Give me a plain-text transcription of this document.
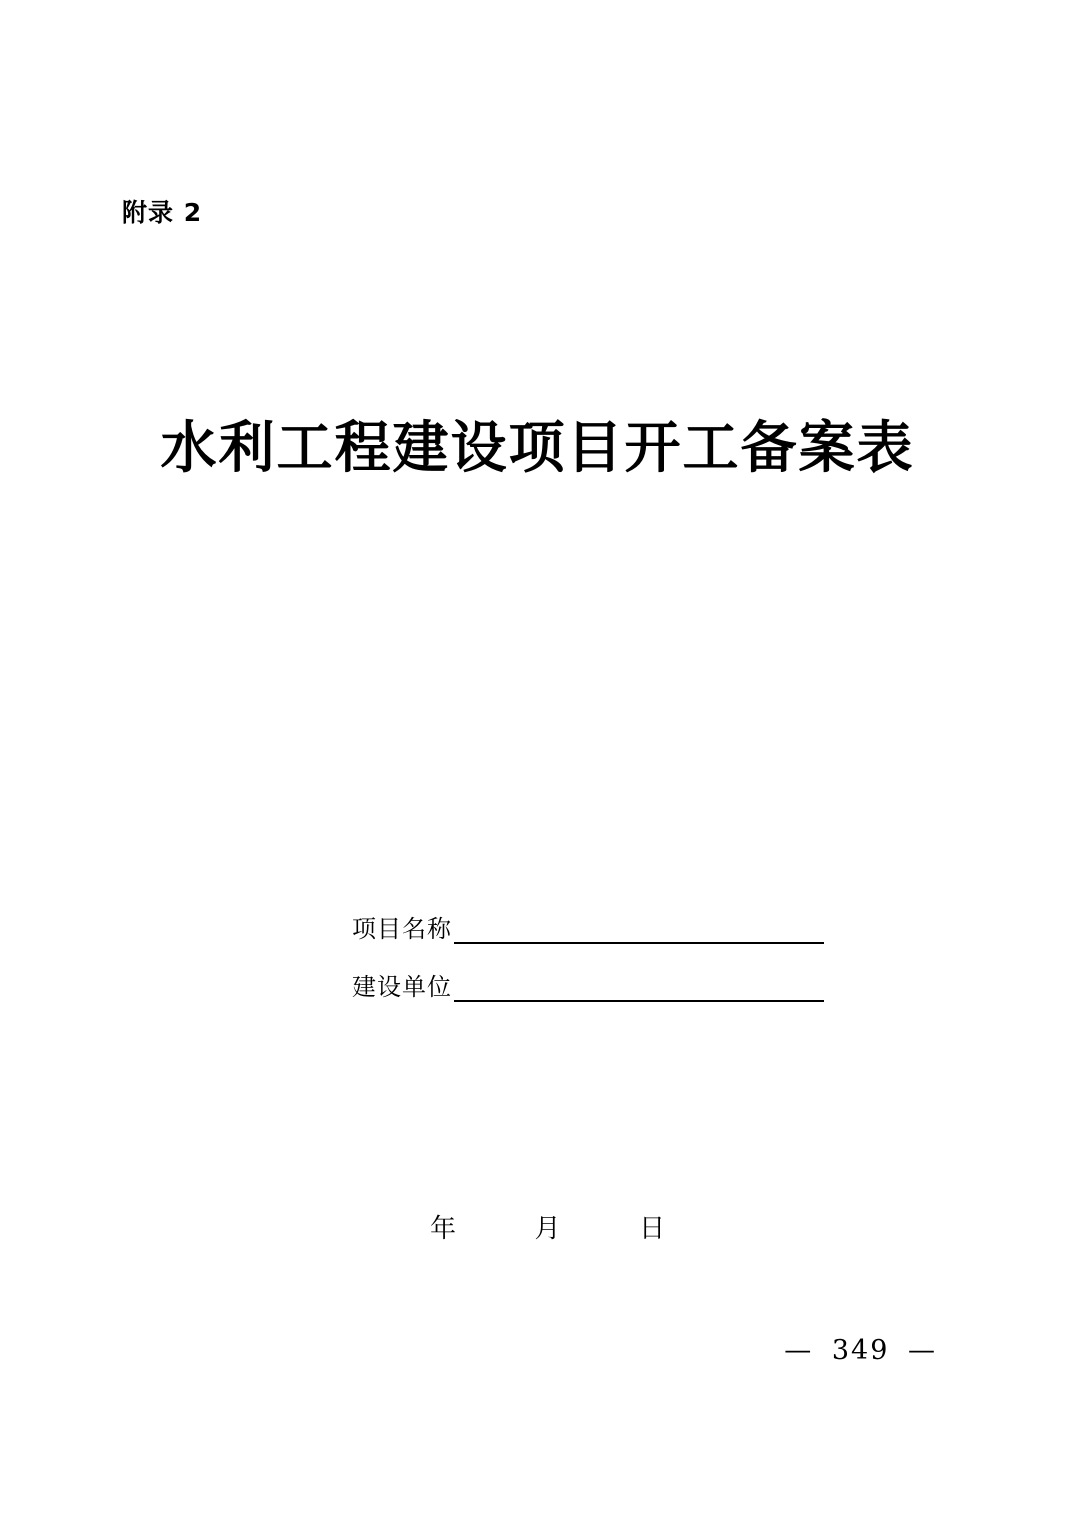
附录 2
水利工程建设项目开工备案表
项目名称
建设单位
年	月	日
— 349 —
